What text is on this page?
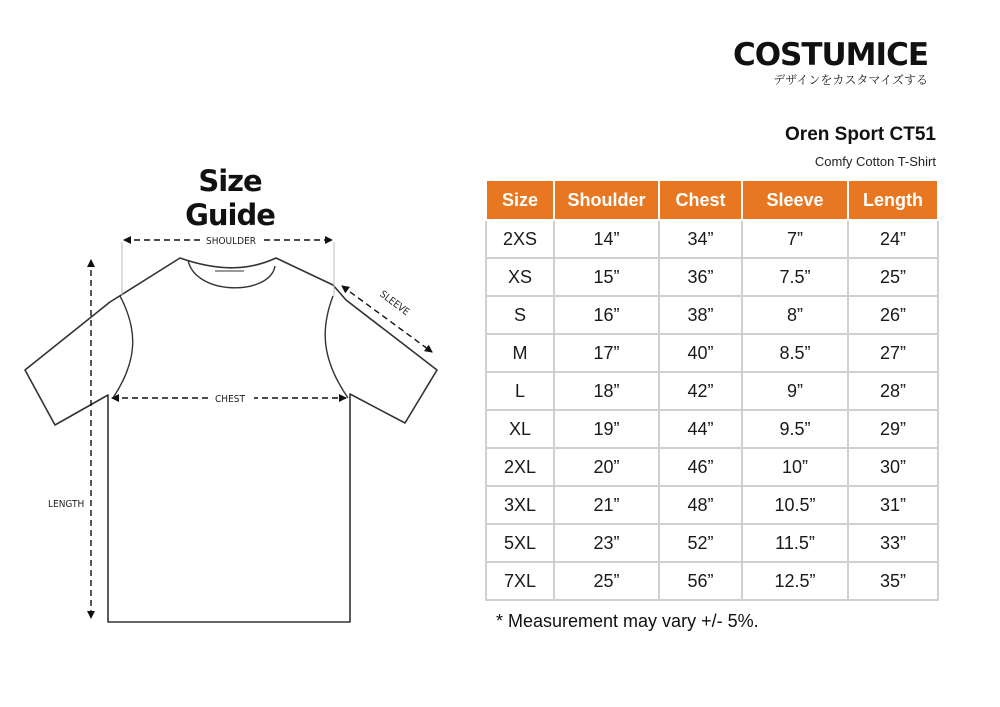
COSTUMICE
デザインをカスタマイズする
Oren Sport CT51
Comfy Cotton T-Shirt
Size Guide
SHOULDER
SLEEVE
CHEST
LENGTH
Size	Shoulder	Chest	Sleeve	Length
2XS	14”	34”	7”	24”
XS	15”	36”	7.5”	25”
S	16”	38”	8”	26”
M	17”	40”	8.5”	27”
L	18”	42”	9”	28”
XL	19”	44”	9.5”	29”
2XL	20”	46”	10”	30”
3XL	21”	48”	10.5”	31”
5XL	23”	52”	11.5”	33”
7XL	25”	56”	12.5”	35”
* Measurement may vary +/- 5%.
